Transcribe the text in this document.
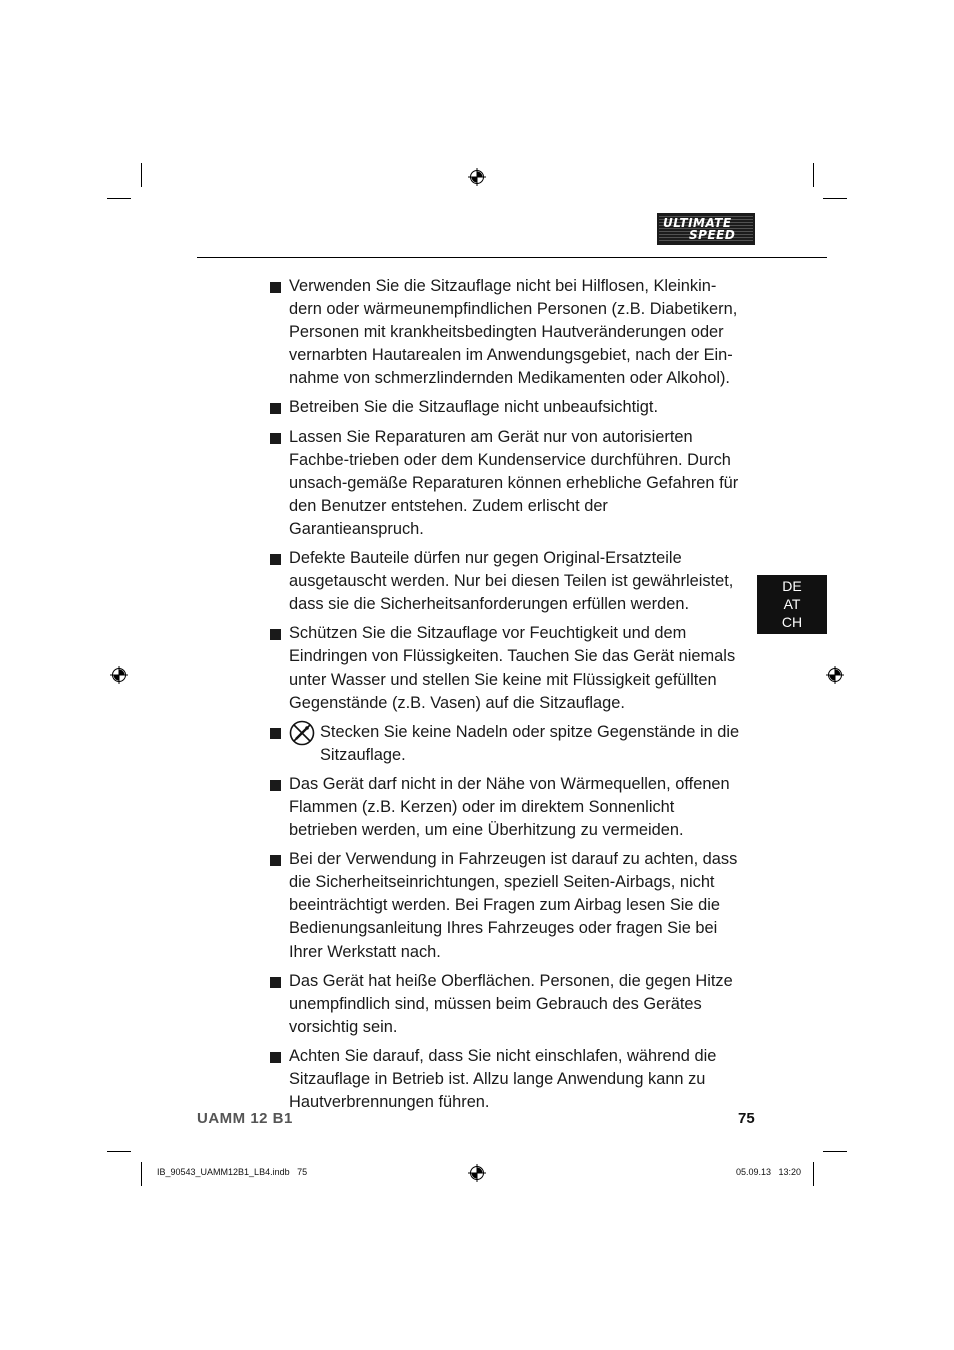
ULTIMATE
SPEED
Verwenden Sie die Sitzauflage nicht bei Hilflosen, Kleinkin-dern oder wärmeunempfindlichen Personen (z.B. Diabetikern, Personen mit krankheitsbedingten Hautveränderungen oder vernarbten Hautarealen im Anwendungsgebiet, nach der Ein-nahme von schmerzlindernden Medikamenten oder Alkohol).
Betreiben Sie die Sitzauflage nicht unbeaufsichtigt.
Lassen Sie Reparaturen am Gerät nur von autorisierten Fachbe-trieben oder dem Kundenservice durchführen. Durch unsach-gemäße Reparaturen können erhebliche Gefahren für den Benutzer entstehen. Zudem erlischt der Garantieanspruch.
Defekte Bauteile dürfen nur gegen Original-Ersatzteile ausgetauscht werden. Nur bei diesen Teilen ist gewährleistet, dass sie die Sicherheitsanforderungen erfüllen werden.
Schützen Sie die Sitzauflage vor Feuchtigkeit und dem Eindringen von Flüssigkeiten. Tauchen Sie das Gerät niemals unter Wasser und stellen Sie keine mit Flüssigkeit gefüllten Gegenstände (z.B. Vasen) auf die Sitzauflage.
Stecken Sie keine Nadeln oder spitze Gegenstände in die Sitzauflage.
Das Gerät darf nicht in der Nähe von Wärmequellen, offenen Flammen (z.B. Kerzen) oder im direktem Sonnenlicht betrieben werden, um eine Überhitzung zu vermeiden.
Bei der Verwendung in Fahrzeugen ist darauf zu achten, dass die Sicherheitseinrichtungen, speziell Seiten-Airbags, nicht beeinträchtigt werden. Bei Fragen zum Airbag lesen Sie die Bedienungsanleitung Ihres Fahrzeuges oder fragen Sie bei Ihrer Werkstatt nach.
Das Gerät hat heiße Oberflächen. Personen, die gegen Hitze unempfindlich sind, müssen beim Gebrauch des Gerätes vorsichtig sein.
Achten Sie darauf, dass Sie nicht einschlafen, während die Sitzauflage in Betrieb ist. Allzu lange Anwendung kann zu Hautverbrennungen führen.
DE
AT
CH
UAMM 12 B1	75
IB_90543_UAMM12B1_LB4.indb   75	05.09.13   13:20
